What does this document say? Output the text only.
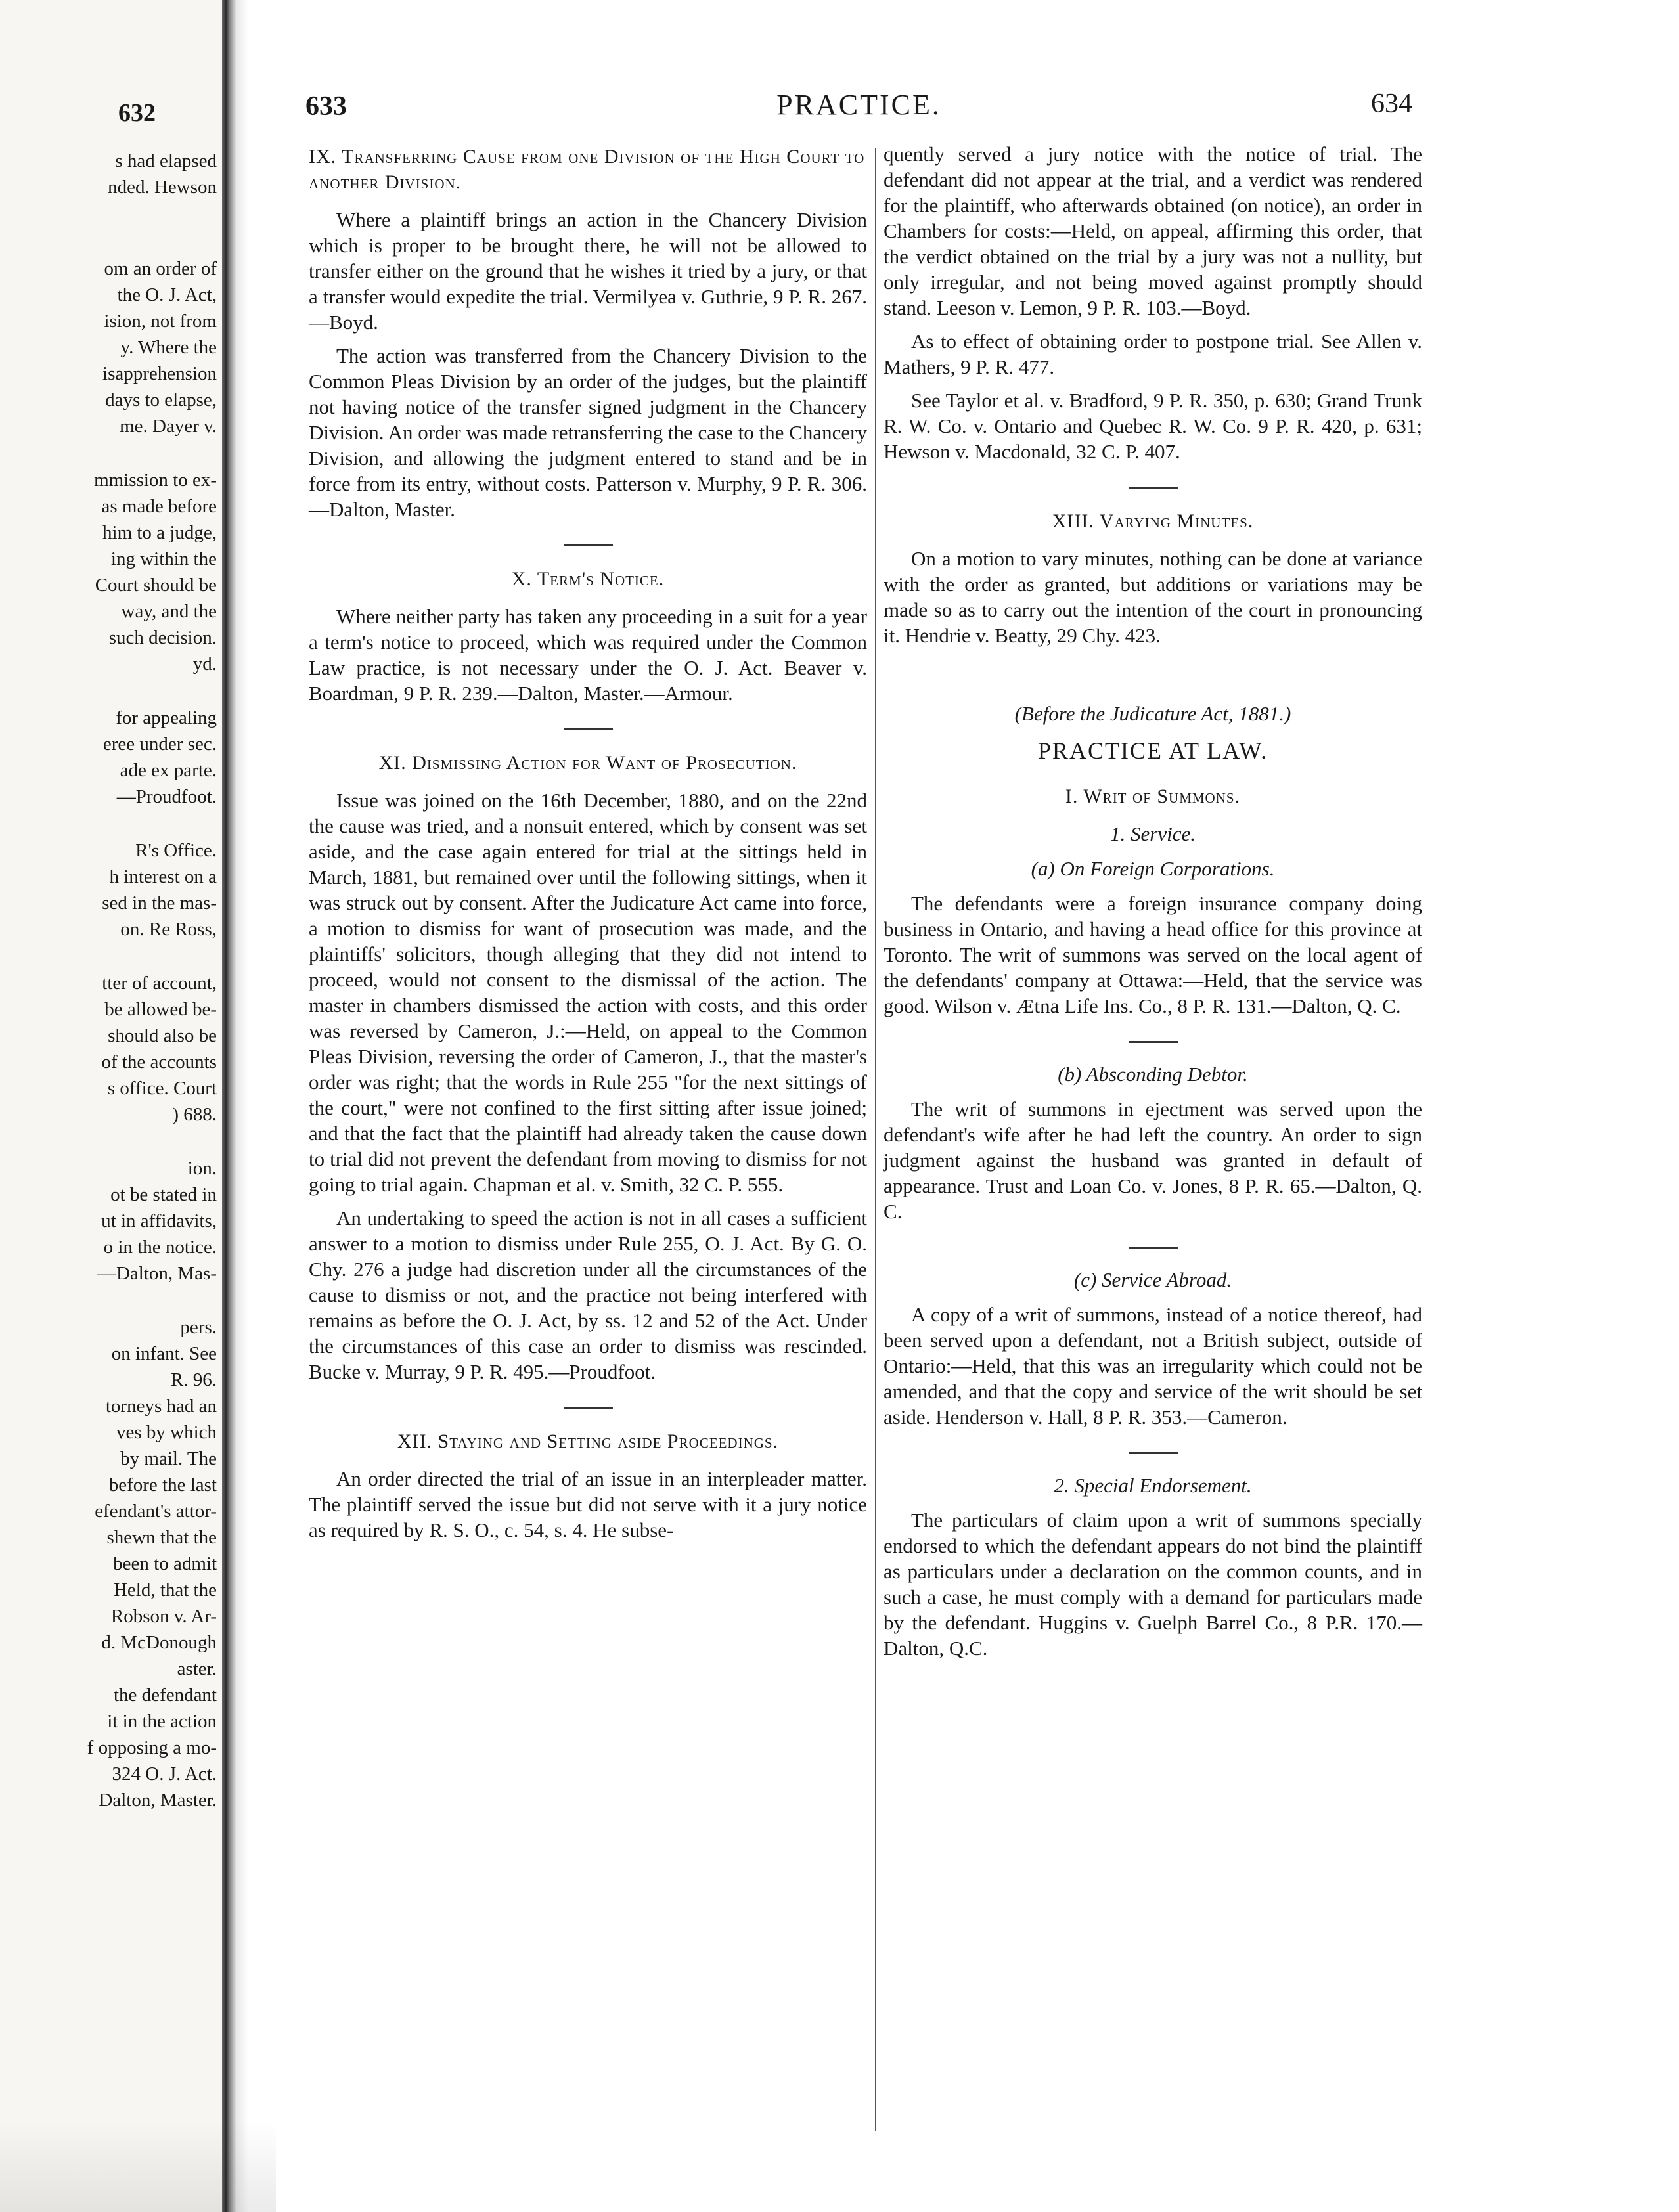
632
s had elapsed
nded. Hewson
om an order of
the O. J. Act,
ision, not from
y. Where the
isapprehension
days to elapse,
me. Dayer v.
mmission to ex-
as made before
him to a judge,
ing within the
Court should be
way, and the
such decision.
yd.
for appealing
eree under sec.
ade ex parte.
—Proudfoot.
R's Office.
h interest on a
sed in the mas-
on. Re Ross,
tter of account,
be allowed be-
should also be
of the accounts
s office. Court
) 688.
ion.
ot be stated in
ut in affidavits,
o in the notice.
—Dalton, Mas-
pers.
on infant. See
R. 96.
torneys had an
ves by which
by mail. The
before the last
efendant's attor-
shewn that the
been to admit
Held, that the
Robson v. Ar-
d. McDonough
aster.
the defendant
it in the action
f opposing a mo-
324 O. J. Act.
Dalton, Master.
633	PRACTICE.	634
IX. Transferring Cause from one Division of the High Court to another Division.

Where a plaintiff brings an action in the Chancery Division which is proper to be brought there, he will not be allowed to transfer either on the ground that he wishes it tried by a jury, or that a transfer would expedite the trial. Vermilyea v. Guthrie, 9 P. R. 267.—Boyd.

The action was transferred from the Chancery Division to the Common Pleas Division by an order of the judges, but the plaintiff not having notice of the transfer signed judgment in the Chancery Division. An order was made retransferring the case to the Chancery Division, and allowing the judgment entered to stand and be in force from its entry, without costs. Patterson v. Murphy, 9 P. R. 306.—Dalton, Master.

X. Term's Notice.

Where neither party has taken any proceeding in a suit for a year a term's notice to proceed, which was required under the Common Law practice, is not necessary under the O. J. Act. Beaver v. Boardman, 9 P. R. 239.—Dalton, Master.—Armour.

XI. Dismissing Action for Want of Prosecution.

Issue was joined on the 16th December, 1880, and on the 22nd the cause was tried, and a nonsuit entered, which by consent was set aside, and the case again entered for trial at the sittings held in March, 1881, but remained over until the following sittings, when it was struck out by consent. After the Judicature Act came into force, a motion to dismiss for want of prosecution was made, and the plaintiffs' solicitors, though alleging that they did not intend to proceed, would not consent to the dismissal of the action. The master in chambers dismissed the action with costs, and this order was reversed by Cameron, J.:—Held, on appeal to the Common Pleas Division, reversing the order of Cameron, J., that the master's order was right; that the words in Rule 255 "for the next sittings of the court," were not confined to the first sitting after issue joined; and that the fact that the plaintiff had already taken the cause down to trial did not prevent the defendant from moving to dismiss for not going to trial again. Chapman et al. v. Smith, 32 C. P. 555.

An undertaking to speed the action is not in all cases a sufficient answer to a motion to dismiss under Rule 255, O. J. Act. By G. O. Chy. 276 a judge had discretion under all the circumstances of the cause to dismiss or not, and the practice not being interfered with remains as before the O. J. Act, by ss. 12 and 52 of the Act. Under the circumstances of this case an order to dismiss was rescinded. Bucke v. Murray, 9 P. R. 495.—Proudfoot.

XII. Staying and Setting aside Proceedings.

An order directed the trial of an issue in an interpleader matter. The plaintiff served the issue but did not serve with it a jury notice as required by R. S. O., c. 54, s. 4. He subse-

quently served a jury notice with the notice of trial. The defendant did not appear at the trial, and a verdict was rendered for the plaintiff, who afterwards obtained (on notice), an order in Chambers for costs:—Held, on appeal, affirming this order, that the verdict obtained on the trial by a jury was not a nullity, but only irregular, and not being moved against promptly should stand. Leeson v. Lemon, 9 P. R. 103.—Boyd.

As to effect of obtaining order to postpone trial. See Allen v. Mathers, 9 P. R. 477.

See Taylor et al. v. Bradford, 9 P. R. 350, p. 630; Grand Trunk R. W. Co. v. Ontario and Quebec R. W. Co. 9 P. R. 420, p. 631; Hewson v. Macdonald, 32 C. P. 407.

XIII. Varying Minutes.

On a motion to vary minutes, nothing can be done at variance with the order as granted, but additions or variations may be made so as to carry out the intention of the court in pronouncing it. Hendrie v. Beatty, 29 Chy. 423.

(Before the Judicature Act, 1881.)
PRACTICE AT LAW.
I. Writ of Summons.
1. Service.
(a) On Foreign Corporations.

The defendants were a foreign insurance company doing business in Ontario, and having a head office for this province at Toronto. The writ of summons was served on the local agent of the defendants' company at Ottawa:—Held, that the service was good. Wilson v. Ætna Life Ins. Co., 8 P. R. 131.—Dalton, Q. C.

(b) Absconding Debtor.

The writ of summons in ejectment was served upon the defendant's wife after he had left the country. An order to sign judgment against the husband was granted in default of appearance. Trust and Loan Co. v. Jones, 8 P. R. 65.—Dalton, Q. C.

(c) Service Abroad.

A copy of a writ of summons, instead of a notice thereof, had been served upon a defendant, not a British subject, outside of Ontario:—Held, that this was an irregularity which could not be amended, and that the copy and service of the writ should be set aside. Henderson v. Hall, 8 P. R. 353.—Cameron.

2. Special Endorsement.

The particulars of claim upon a writ of summons specially endorsed to which the defendant appears do not bind the plaintiff as particulars under a declaration on the common counts, and in such a case, he must comply with a demand for particulars made by the defendant. Huggins v. Guelph Barrel Co., 8 P.R. 170.—Dalton, Q.C.
